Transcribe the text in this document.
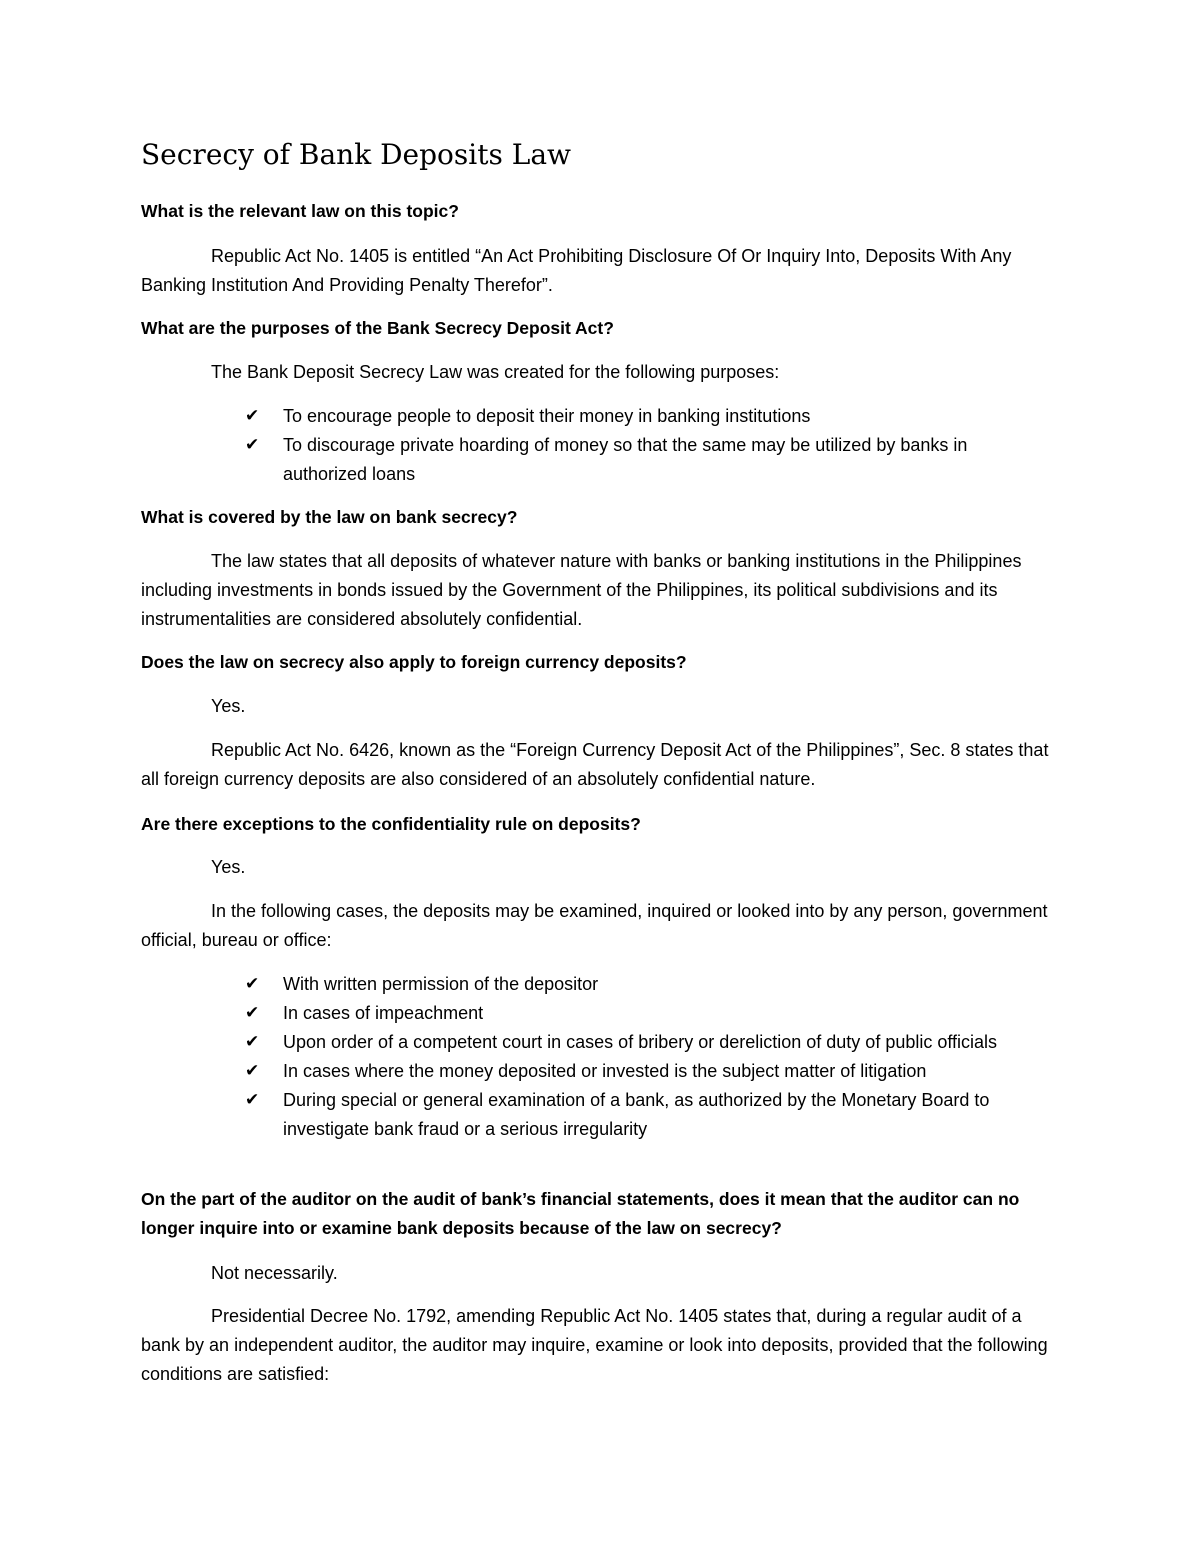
Secrecy of Bank Deposits Law

What is the relevant law on this topic?

Republic Act No. 1405 is entitled “An Act Prohibiting Disclosure Of Or Inquiry Into, Deposits With Any Banking Institution And Providing Penalty Therefor”.

What are the purposes of the Bank Secrecy Deposit Act?

The Bank Deposit Secrecy Law was created for the following purposes:

✔	To encourage people to deposit their money in banking institutions
✔	To discourage private hoarding of money so that the same may be utilized by banks in authorized loans

What is covered by the law on bank secrecy?

The law states that all deposits of whatever nature with banks or banking institutions in the Philippines including investments in bonds issued by the Government of the Philippines, its political subdivisions and its instrumentalities are considered absolutely confidential.

Does the law on secrecy also apply to foreign currency deposits?

Yes.

Republic Act No. 6426, known as the “Foreign Currency Deposit Act of the Philippines”, Sec. 8 states that all foreign currency deposits are also considered of an absolutely confidential nature.

Are there exceptions to the confidentiality rule on deposits?

Yes.

In the following cases, the deposits may be examined, inquired or looked into by any person, government official, bureau or office:

✔	With written permission of the depositor
✔	In cases of impeachment
✔	Upon order of a competent court in cases of bribery or dereliction of duty of public officials
✔	In cases where the money deposited or invested is the subject matter of litigation
✔	During special or general examination of a bank, as authorized by the Monetary Board to investigate bank fraud or a serious irregularity

On the part of the auditor on the audit of bank’s financial statements, does it mean that the auditor can no longer inquire into or examine bank deposits because of the law on secrecy?

Not necessarily.

Presidential Decree No. 1792, amending Republic Act No. 1405 states that, during a regular audit of a bank by an independent auditor, the auditor may inquire, examine or look into deposits, provided that the following conditions are satisfied:
